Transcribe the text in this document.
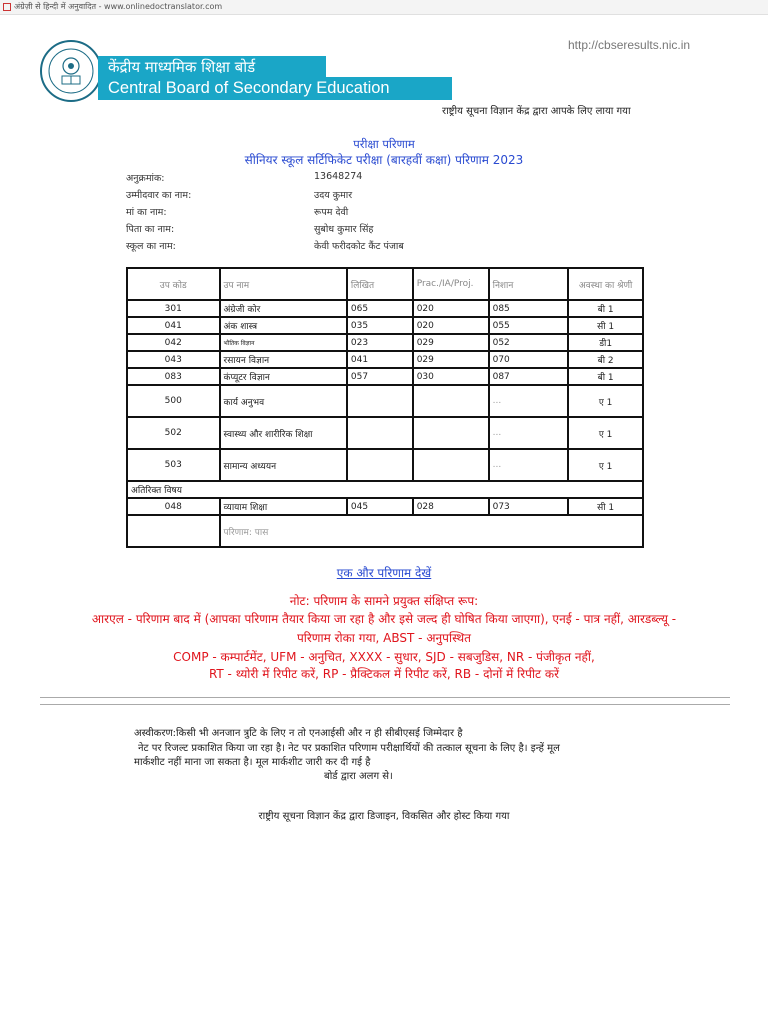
अंग्रेज़ी से हिन्दी में अनुवादित - www.onlinedoctranslator.com
http://cbseresults.nic.in
केंद्रीय माध्यमिक शिक्षा बोर्ड
Central Board of Secondary Education
राष्ट्रीय सूचना विज्ञान केंद्र द्वारा आपके लिए लाया गया
परीक्षा परिणाम
सीनियर स्कूल सर्टिफिकेट परीक्षा (बारहवीं कक्षा) परिणाम 2023
अनुक्रमांक:	13648274
उम्मीदवार का नाम:	उदय कुमार
मां का नाम:	रूपम देवी
पिता का नाम:	सुबोध कुमार सिंह
स्कूल का नाम:	केवी फरीदकोट कैंट पंजाब
उप कोड	उप नाम	लिखित	Prac./IA/Proj.	निशान	अवस्था का श्रेणी
301	अंग्रेजी कोर	065	020	085	बी 1
041	अंक शास्त्र	035	020	055	सी 1
042	भौतिक विज्ञान	023	029	052	डी1
043	रसायन विज्ञान	041	029	070	बी 2
083	कंप्यूटर विज्ञान	057	030	087	बी 1
500	कार्य अनुभव			...	ए 1
502	स्वास्थ्य और शारीरिक शिक्षा			...	ए 1
503	सामान्य अध्ययन			...	ए 1
अतिरिक्त विषय					
048	व्यायाम शिक्षा	045	028	073	सी 1
	परिणाम: पास				
एक और परिणाम देखें
नोट: परिणाम के सामने प्रयुक्त संक्षिप्त रूप:
आरएल - परिणाम बाद में (आपका परिणाम तैयार किया जा रहा है और इसे जल्द ही घोषित किया जाएगा), एनई - पात्र नहीं, आरडब्ल्यू -
परिणाम रोका गया, ABST - अनुपस्थित
COMP - कम्पार्टमेंट, UFM - अनुचित, XXXX - सुधार, SJD - सबजुडिस, NR - पंजीकृत नहीं,
RT - थ्योरी में रिपीट करें, RP - प्रैक्टिकल में रिपीट करें, RB - दोनों में रिपीट करें
अस्वीकरण:किसी भी अनजान त्रुटि के लिए न तो एनआईसी और न ही सीबीएसई जिम्मेदार है
नेट पर रिजल्ट प्रकाशित किया जा रहा है। नेट पर प्रकाशित परिणाम परीक्षार्थियों की तत्काल सूचना के लिए है। इन्हें मूल
मार्कशीट नहीं माना जा सकता है। मूल मार्कशीट जारी कर दी गई है
बोर्ड द्वारा अलग से।
राष्ट्रीय सूचना विज्ञान केंद्र द्वारा डिजाइन, विकसित और होस्ट किया गया
